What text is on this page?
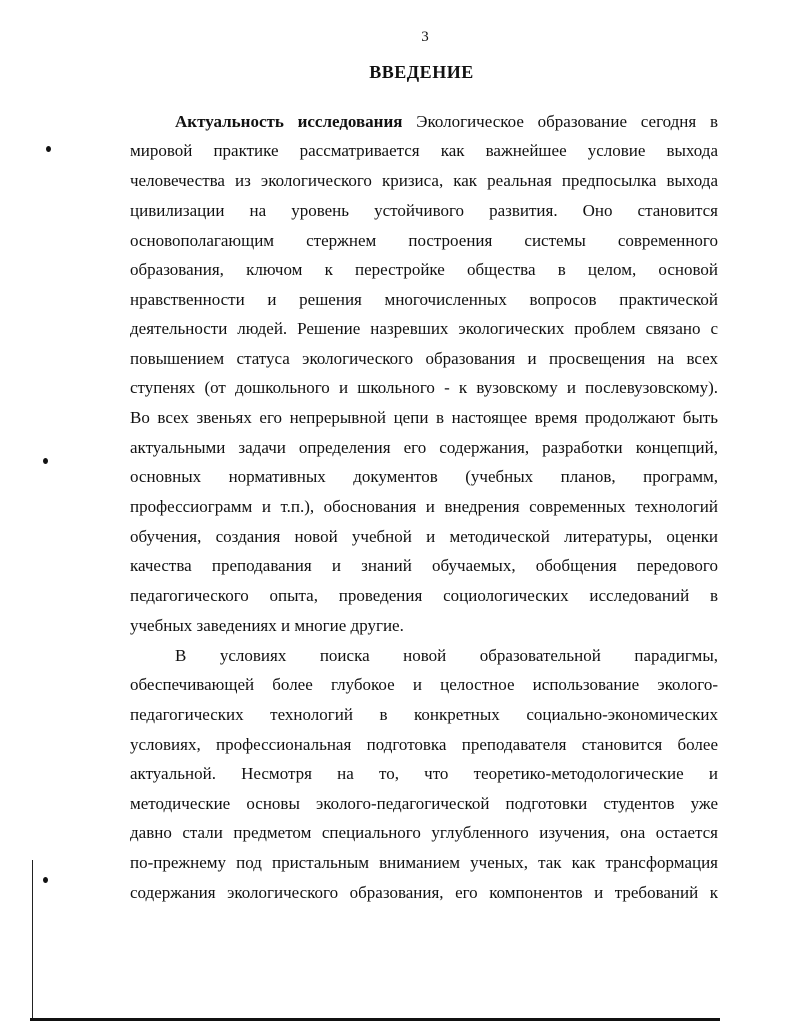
3
ВВЕДЕНИЕ
Актуальность исследования Экологическое образование сегодня в
мировой практике рассматривается как важнейшее условие выхода
человечества из экологического кризиса, как реальная предпосылка выхода
цивилизации на уровень устойчивого развития. Оно становится
основополагающим стержнем построения системы современного
образования, ключом к перестройке общества в целом, основой
нравственности и решения многочисленных вопросов практической
деятельности людей. Решение назревших экологических проблем связано с
повышением статуса экологического образования и просвещения на всех
ступенях (от дошкольного и школьного - к вузовскому и послевузовскому).
Во всех звеньях его непрерывной цепи в настоящее время продолжают быть
актуальными задачи определения его содержания, разработки концепций,
основных нормативных документов (учебных планов, программ,
профессиограмм и т.п.), обоснования и внедрения современных технологий
обучения, создания новой учебной и методической литературы, оценки
качества преподавания и знаний обучаемых, обобщения передового
педагогического опыта, проведения социологических исследований в
учебных заведениях и многие другие.
В условиях поиска новой образовательной парадигмы,
обеспечивающей более глубокое и целостное использование эколого-
педагогических технологий в конкретных социально-экономических
условиях, профессиональная подготовка преподавателя становится более
актуальной. Несмотря на то, что теоретико-методологические и
методические основы эколого-педагогической подготовки студентов уже
давно стали предметом специального углубленного изучения, она остается
по-прежнему под пристальным вниманием ученых, так как трансформация
содержания экологического образования, его компонентов и требований к
